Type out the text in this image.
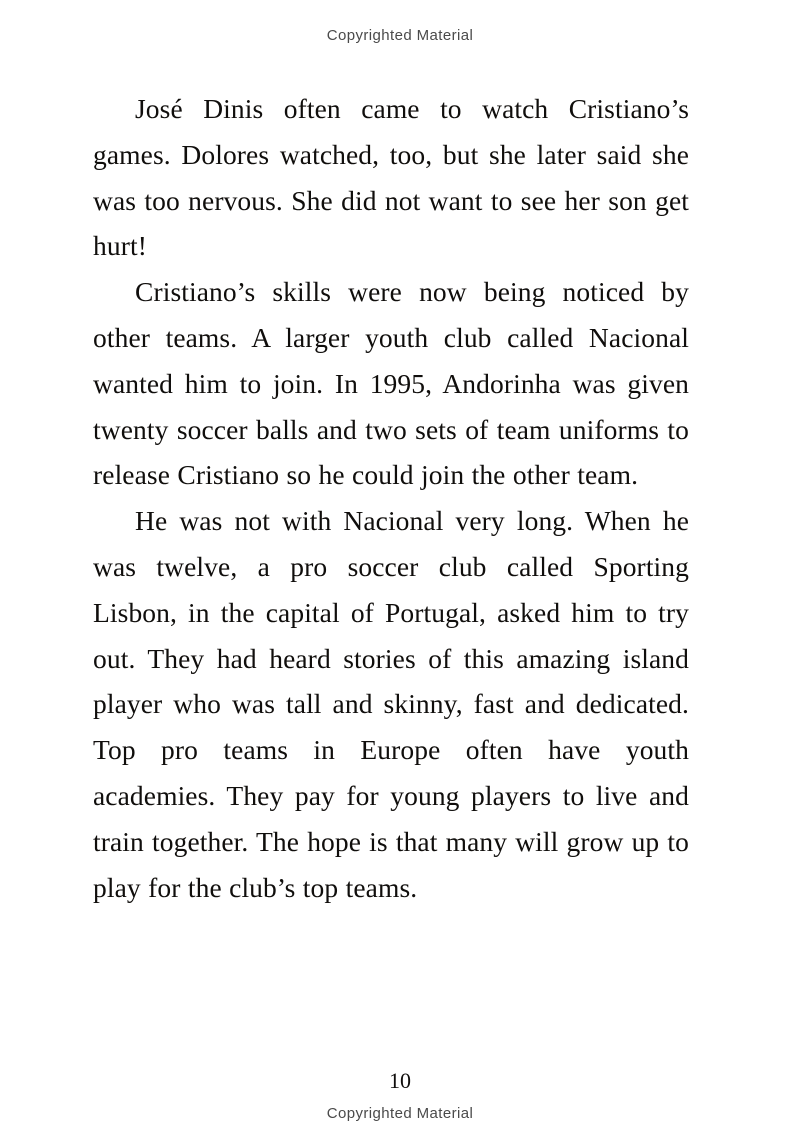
Copyrighted Material

José Dinis often came to watch Cristiano’s games. Dolores watched, too, but she later said she was too nervous. She did not want to see her son get hurt!

Cristiano’s skills were now being noticed by other teams. A larger youth club called Nacional wanted him to join. In 1995, Andorinha was given twenty soccer balls and two sets of team uniforms to release Cristiano so he could join the other team.

He was not with Nacional very long. When he was twelve, a pro soccer club called Sporting Lisbon, in the capital of Portugal, asked him to try out. They had heard stories of this amazing island player who was tall and skinny, fast and dedicated. Top pro teams in Europe often have youth academies. They pay for young players to live and train together. The hope is that many will grow up to play for the club’s top teams.

10
Copyrighted Material
